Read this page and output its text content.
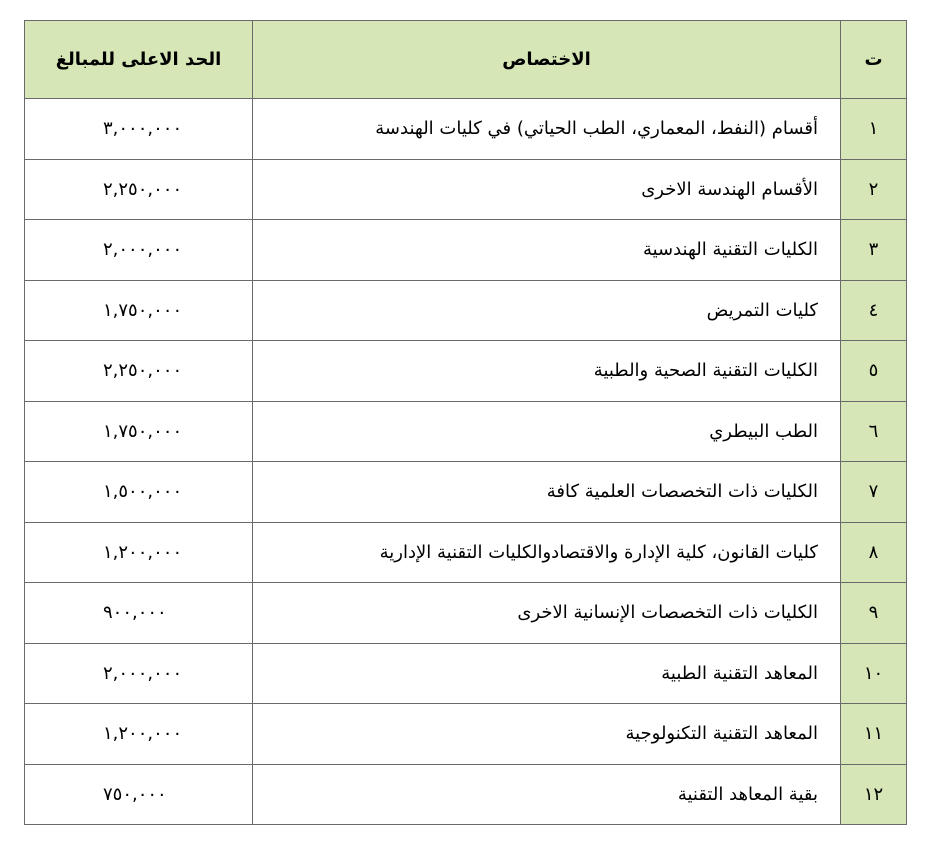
ت	الاختصاص	الحد الاعلى للمبالغ
١	أقسام (النفط، المعماري، الطب الحياتي) في كليات الهندسة	٣,٠٠٠,٠٠٠
٢	الأقسام الهندسة الاخرى	٢,٢٥٠,٠٠٠
٣	الكليات التقنية الهندسية	٢,٠٠٠,٠٠٠
٤	كليات التمريض	١,٧٥٠,٠٠٠
٥	الكليات التقنية الصحية والطبية	٢,٢٥٠,٠٠٠
٦	الطب البيطري	١,٧٥٠,٠٠٠
٧	الكليات ذات التخصصات العلمية كافة	١,٥٠٠,٠٠٠
٨	كليات القانون، كلية الإدارة والاقتصادوالكليات التقنية الإدارية	١,٢٠٠,٠٠٠
٩	الكليات ذات التخصصات الإنسانية الاخرى	٩٠٠,٠٠٠
١٠	المعاهد التقنية الطبية	٢,٠٠٠,٠٠٠
١١	المعاهد التقنية التكنولوجية	١,٢٠٠,٠٠٠
١٢	بقية المعاهد التقنية	٧٥٠,٠٠٠
